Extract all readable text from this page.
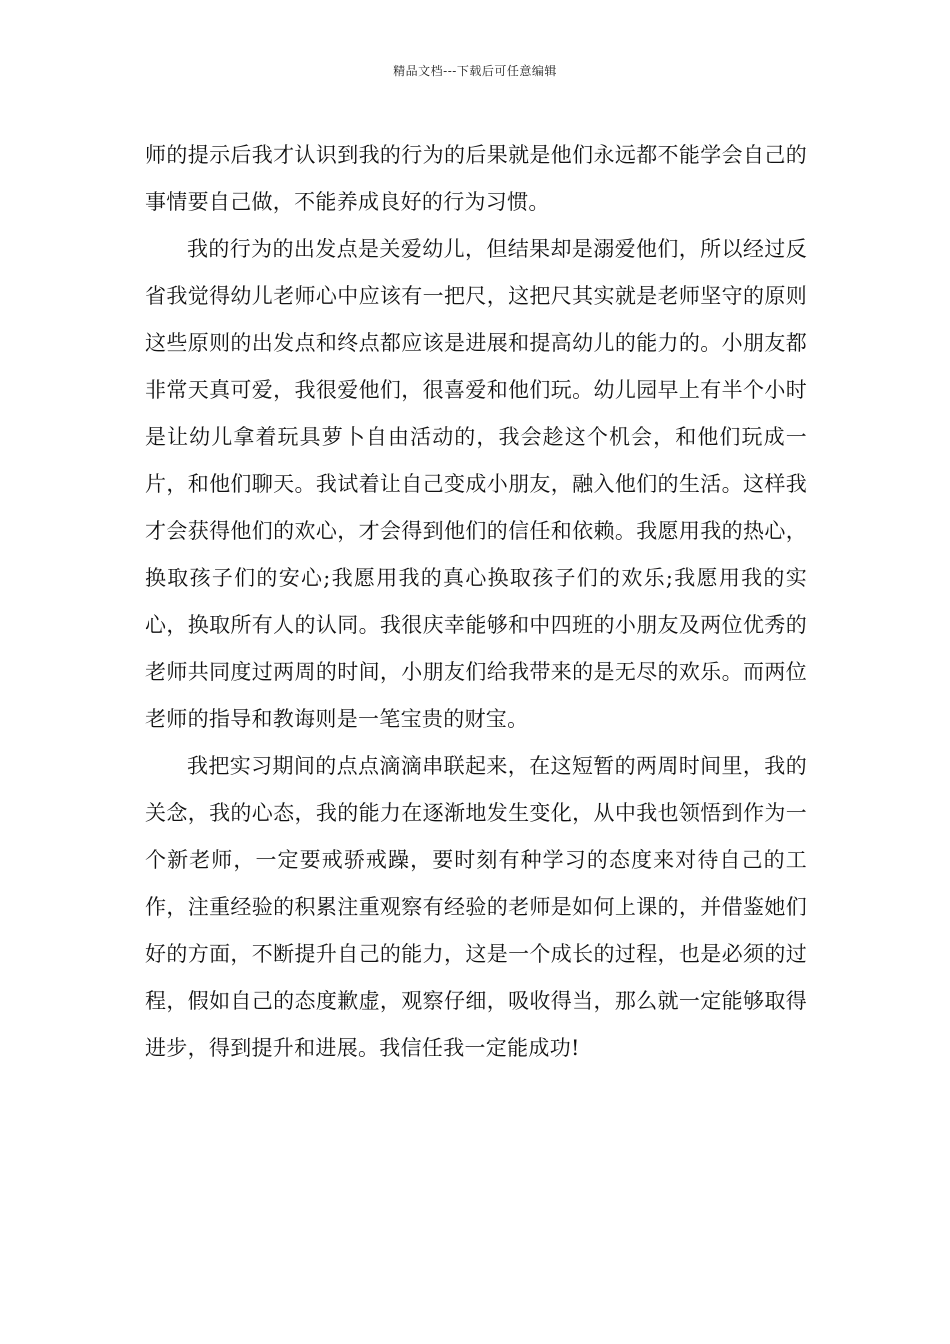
精品文档---下载后可任意编辑

师的提示后我才认识到我的行为的后果就是他们永远都不能学会自己的事情要自己做，不能养成良好的行为习惯。

我的行为的出发点是关爱幼儿，但结果却是溺爱他们，所以经过反省我觉得幼儿老师心中应该有一把尺，这把尺其实就是老师坚守的原则这些原则的出发点和终点都应该是进展和提高幼儿的能力的。小朋友都非常天真可爱，我很爱他们，很喜爱和他们玩。幼儿园早上有半个小时是让幼儿拿着玩具萝卜自由活动的，我会趁这个机会，和他们玩成一片，和他们聊天。我试着让自己变成小朋友，融入他们的生活。这样我才会获得他们的欢心，才会得到他们的信任和依赖。我愿用我的热心，换取孩子们的安心;我愿用我的真心换取孩子们的欢乐;我愿用我的实心，换取所有人的认同。我很庆幸能够和中四班的小朋友及两位优秀的老师共同度过两周的时间，小朋友们给我带来的是无尽的欢乐。而两位老师的指导和教诲则是一笔宝贵的财宝。

我把实习期间的点点滴滴串联起来，在这短暂的两周时间里，我的关念，我的心态，我的能力在逐渐地发生变化，从中我也领悟到作为一个新老师，一定要戒骄戒躁，要时刻有种学习的态度来对待自己的工作，注重经验的积累注重观察有经验的老师是如何上课的，并借鉴她们好的方面，不断提升自己的能力，这是一个成长的过程，也是必须的过程，假如自己的态度歉虚，观察仔细，吸收得当，那么就一定能够取得进步，得到提升和进展。我信任我一定能成功!
